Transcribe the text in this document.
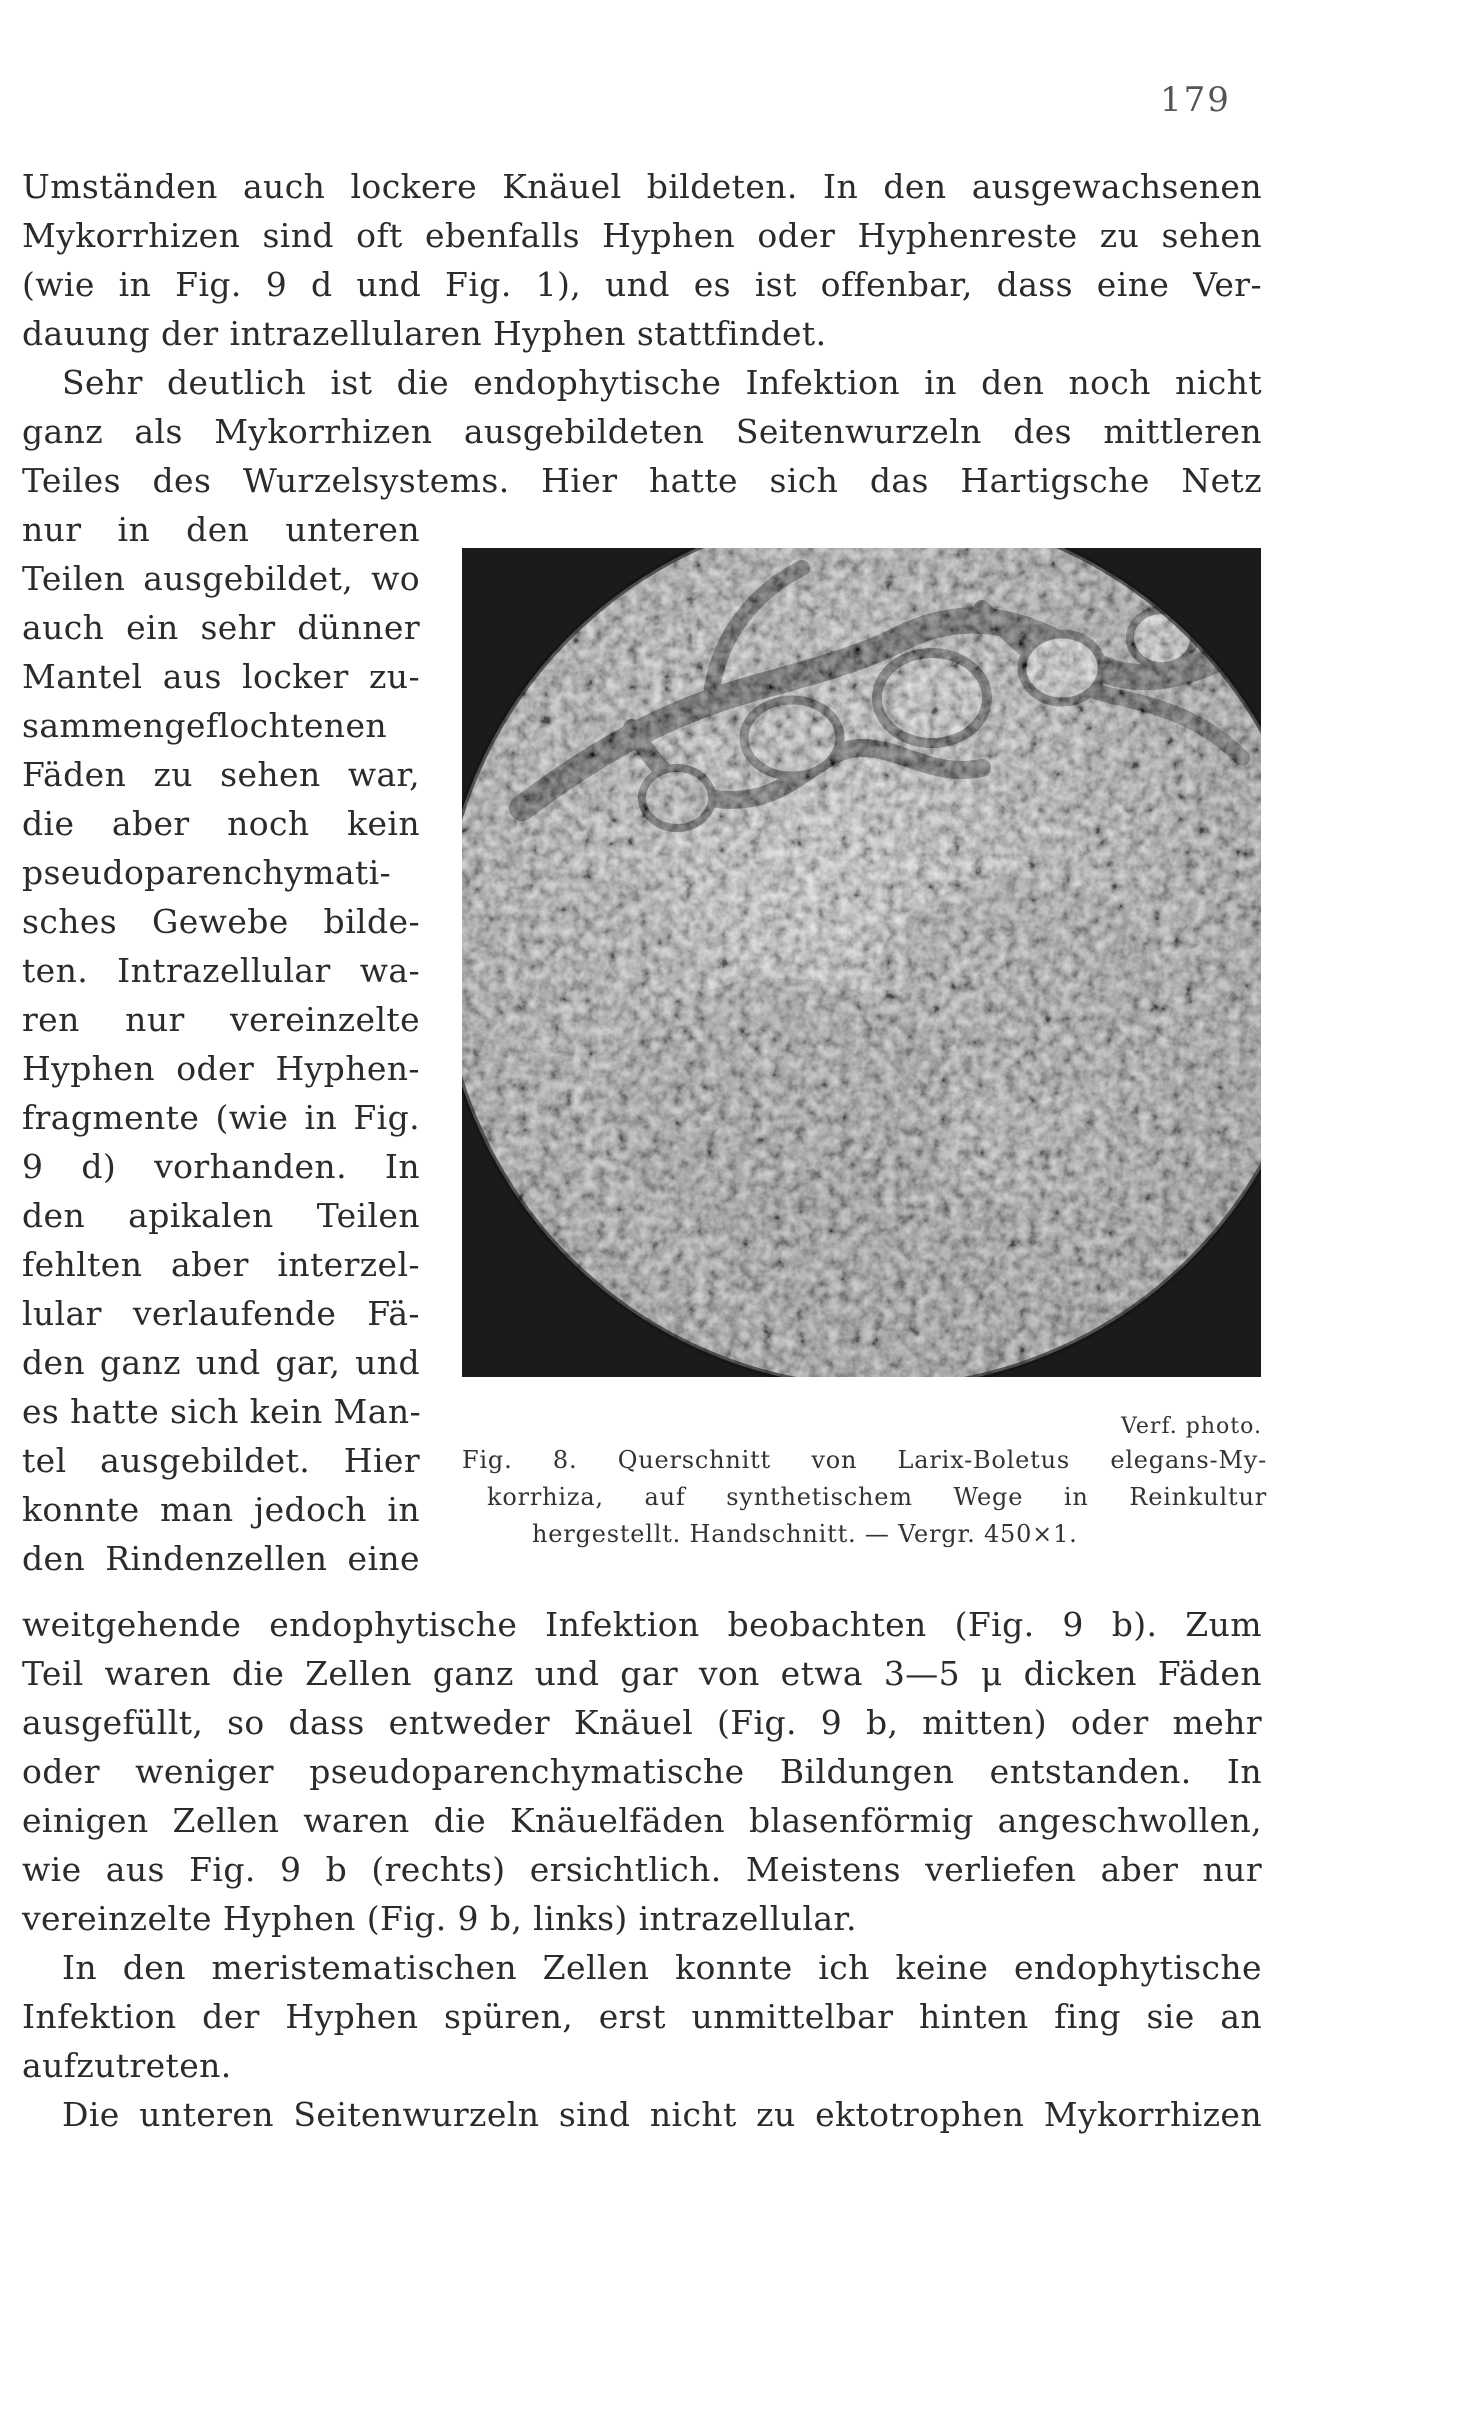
179
Umständen auch lockere Knäuel bildeten. In den ausgewachsenen
Mykorrhizen sind oft ebenfalls Hyphen oder Hyphenreste zu sehen
(wie in Fig. 9 d und Fig. 1), und es ist offenbar, dass eine Ver-
dauung der intrazellularen Hyphen stattfindet.
Sehr deutlich ist die endophytische Infektion in den noch nicht
ganz als Mykorrhizen ausgebildeten Seitenwurzeln des mittleren
Teiles des Wurzelsystems. Hier hatte sich das Hartigsche Netz
nur in den unteren
Teilen ausgebildet, wo
auch ein sehr dünner
Mantel aus locker zu-
sammengeflochtenen
Fäden zu sehen war,
die aber noch kein
pseudoparenchymati-
sches Gewebe bilde-
ten. Intrazellular wa-
ren nur vereinzelte
Hyphen oder Hyphen-
fragmente (wie in Fig.
9 d) vorhanden. In
den apikalen Teilen
fehlten aber interzel-
lular verlaufende Fä-
den ganz und gar, und
es hatte sich kein Man-
tel ausgebildet. Hier
konnte man jedoch in
den Rindenzellen eine
Verf. photo.
Fig. 8. Querschnitt von Larix-Boletus elegans-My-
korrhiza, auf synthetischem Wege in Reinkultur
hergestellt. Handschnitt. — Vergr. 450×1.
weitgehende endophytische Infektion beobachten (Fig. 9 b). Zum
Teil waren die Zellen ganz und gar von etwa 3—5 μ dicken Fäden
ausgefüllt, so dass entweder Knäuel (Fig. 9 b, mitten) oder mehr
oder weniger pseudoparenchymatische Bildungen entstanden. In
einigen Zellen waren die Knäuelfäden blasenförmig angeschwollen,
wie aus Fig. 9 b (rechts) ersichtlich. Meistens verliefen aber nur
vereinzelte Hyphen (Fig. 9 b, links) intrazellular.
In den meristematischen Zellen konnte ich keine endophytische
Infektion der Hyphen spüren, erst unmittelbar hinten fing sie an
aufzutreten.
Die unteren Seitenwurzeln sind nicht zu ektotrophen Mykorrhizen
